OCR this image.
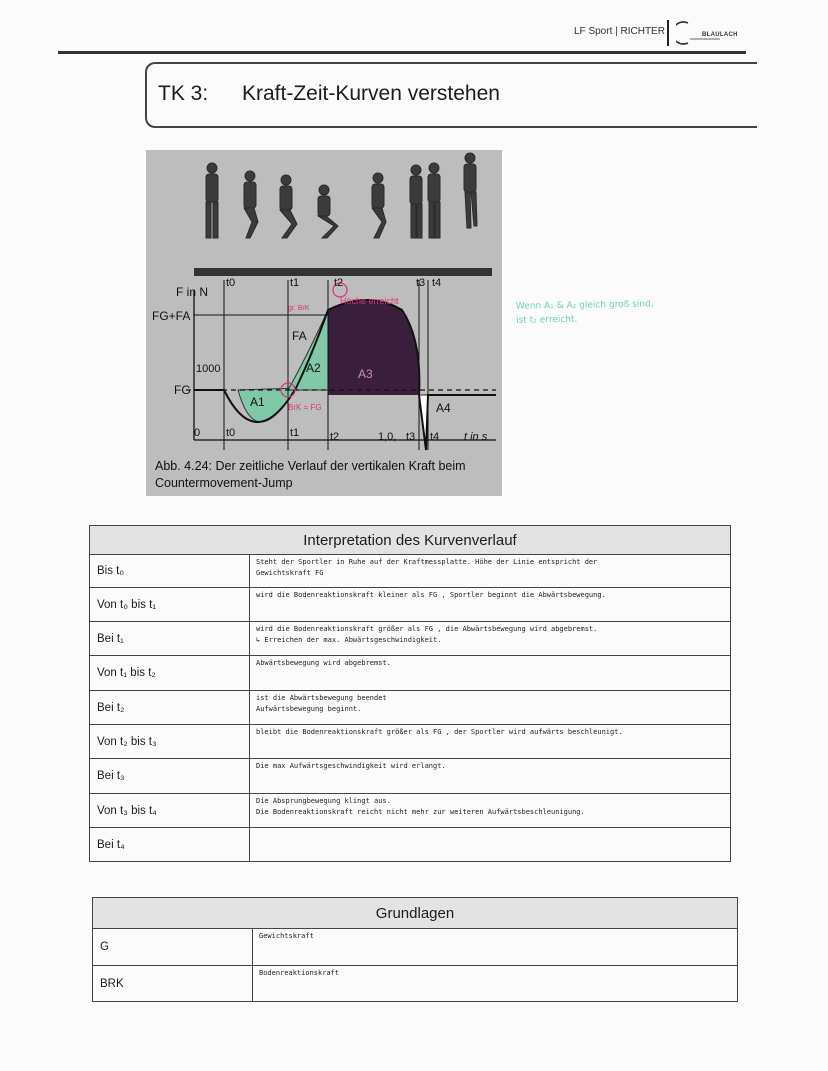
LF Sport | RICHTER	BLAULACH
TK 3: Kraft-Zeit-Kurven verstehen
F in N
FG+FA
FA
FG
1000
0 t0	t1	t2	t3 t4
t0	t1	t2	t3 t4
A1
A2	A3
A4
1,0,	t in s
Höche erreicht
BrK = FG
gr. BrK
Abb. 4.24: Der zeitliche Verlauf der vertikalen Kraft beim Countermovement-Jump
Wenn A₁ & A₂ gleich groß sind,
ist t₂ erreicht.
Interpretation des Kurvenverlauf	
Bis t₀	Steht der Sportler in Ruhe auf der Kraftmessplatte. Höhe der Linie entspricht der
Gewichtskraft FG

Von t₀ bis t₁	wird die Bodenreaktionskraft kleiner als FG , Sportler beginnt die Abwärtsbewegung.

Bei t₁	wird die Bodenreaktionskraft größer als FG , die Abwärtsbewegung wird abgebremst.
↳ Erreichen der max. Abwärtsgeschwindigkeit.

Von t₁ bis t₂	Abwärtsbewegung wird abgebremst.

Bei t₂	ist die Abwärtsbewegung beendet
Aufwärtsbewegung beginnt.

Von t₂ bis t₃	bleibt die Bodenreaktionskraft größer als FG , der Sportler wird aufwärts beschleunigt.

Bei t₃	Die max Aufwärtsgeschwindigkeit wird erlangt.

Von t₃ bis t₄	Die Absprungbewegung klingt aus.
Die Bodenreaktionskraft reicht nicht mehr zur weiteren Aufwärtsbeschleunigung.

Bei t₄	
Grundlagen	
G	Gewichtskraft

BRK	Bodenreaktionskraft
